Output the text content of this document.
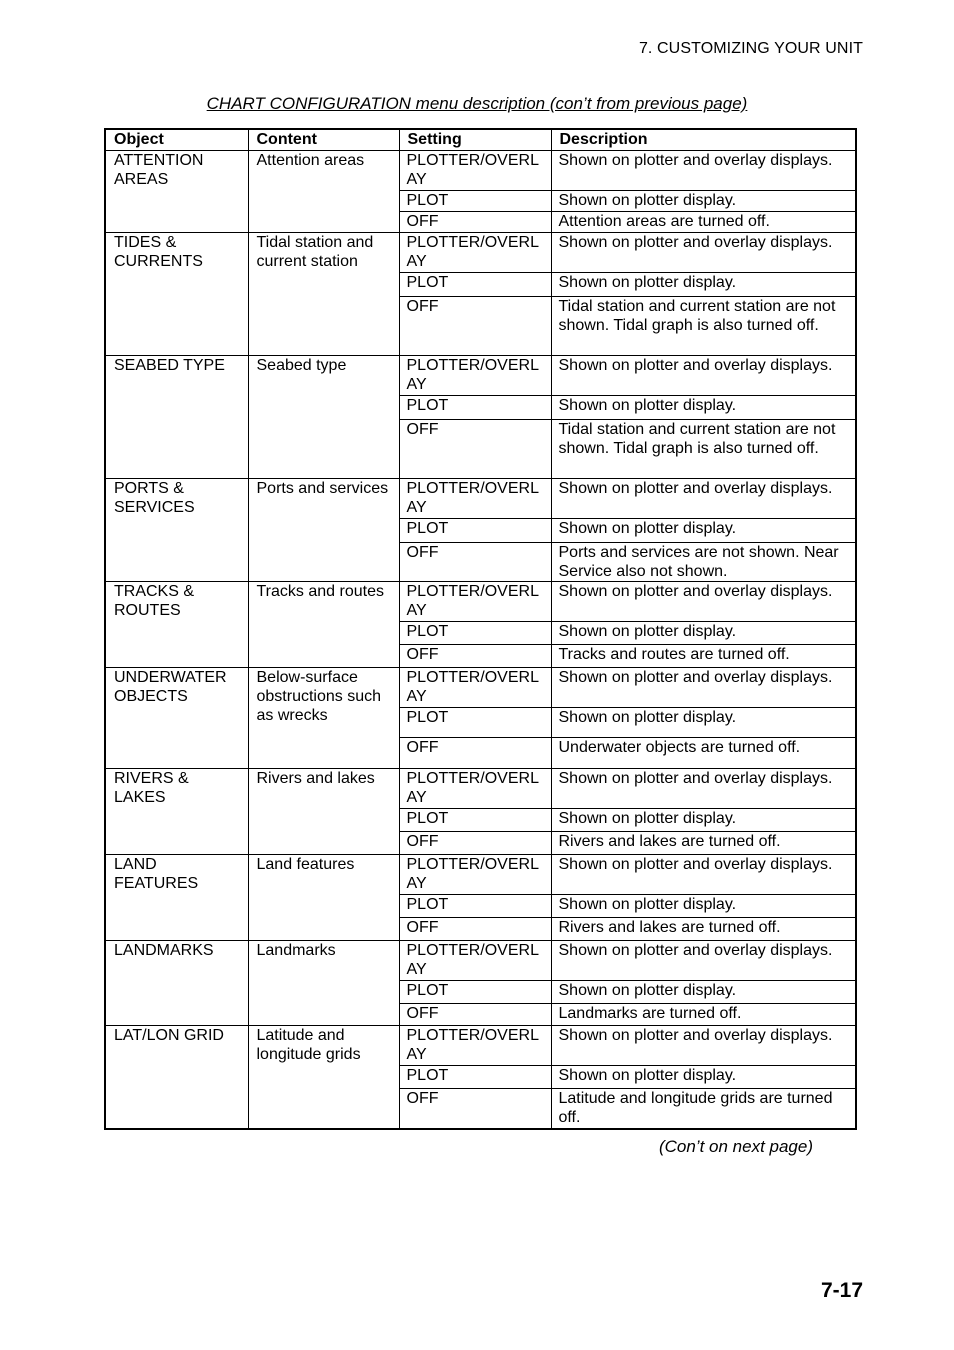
7. CUSTOMIZING YOUR UNIT
CHART CONFIGURATION menu description (con’t from previous page)
Object	Content	Setting	Description
ATTENTION AREAS	Attention areas	PLOTTER/OVERLAY	Shown on plotter and overlay displays.
		PLOT	Shown on plotter display.
		OFF	Attention areas are turned off.
TIDES & CURRENTS	Tidal station and current station	PLOTTER/OVERLAY	Shown on plotter and overlay displays.
		PLOT	Shown on plotter display.
		OFF	Tidal station and current station are not shown. Tidal graph is also turned off.
SEABED TYPE	Seabed type	PLOTTER/OVERLAY	Shown on plotter and overlay displays.
		PLOT	Shown on plotter display.
		OFF	Tidal station and current station are not shown. Tidal graph is also turned off.
PORTS & SERVICES	Ports and services	PLOTTER/OVERLAY	Shown on plotter and overlay displays.
		PLOT	Shown on plotter display.
		OFF	Ports and services are not shown. Near Service also not shown.
TRACKS & ROUTES	Tracks and routes	PLOTTER/OVERLAY	Shown on plotter and overlay displays.
		PLOT	Shown on plotter display.
		OFF	Tracks and routes are turned off.
UNDERWATER OBJECTS	Below-surface obstructions such as wrecks	PLOTTER/OVERLAY	Shown on plotter and overlay displays.
		PLOT	Shown on plotter display.
		OFF	Underwater objects are turned off.
RIVERS & LAKES	Rivers and lakes	PLOTTER/OVERLAY	Shown on plotter and overlay displays.
		PLOT	Shown on plotter display.
		OFF	Rivers and lakes are turned off.
LAND FEATURES	Land features	PLOTTER/OVERLAY	Shown on plotter and overlay displays.
		PLOT	Shown on plotter display.
		OFF	Rivers and lakes are turned off.
LANDMARKS	Landmarks	PLOTTER/OVERLAY	Shown on plotter and overlay displays.
		PLOT	Shown on plotter display.
		OFF	Landmarks are turned off.
LAT/LON GRID	Latitude and longitude grids	PLOTTER/OVERLAY	Shown on plotter and overlay displays.
		PLOT	Shown on plotter display.
		OFF	Latitude and longitude grids are turned off.
(Con’t on next page)
7-17
